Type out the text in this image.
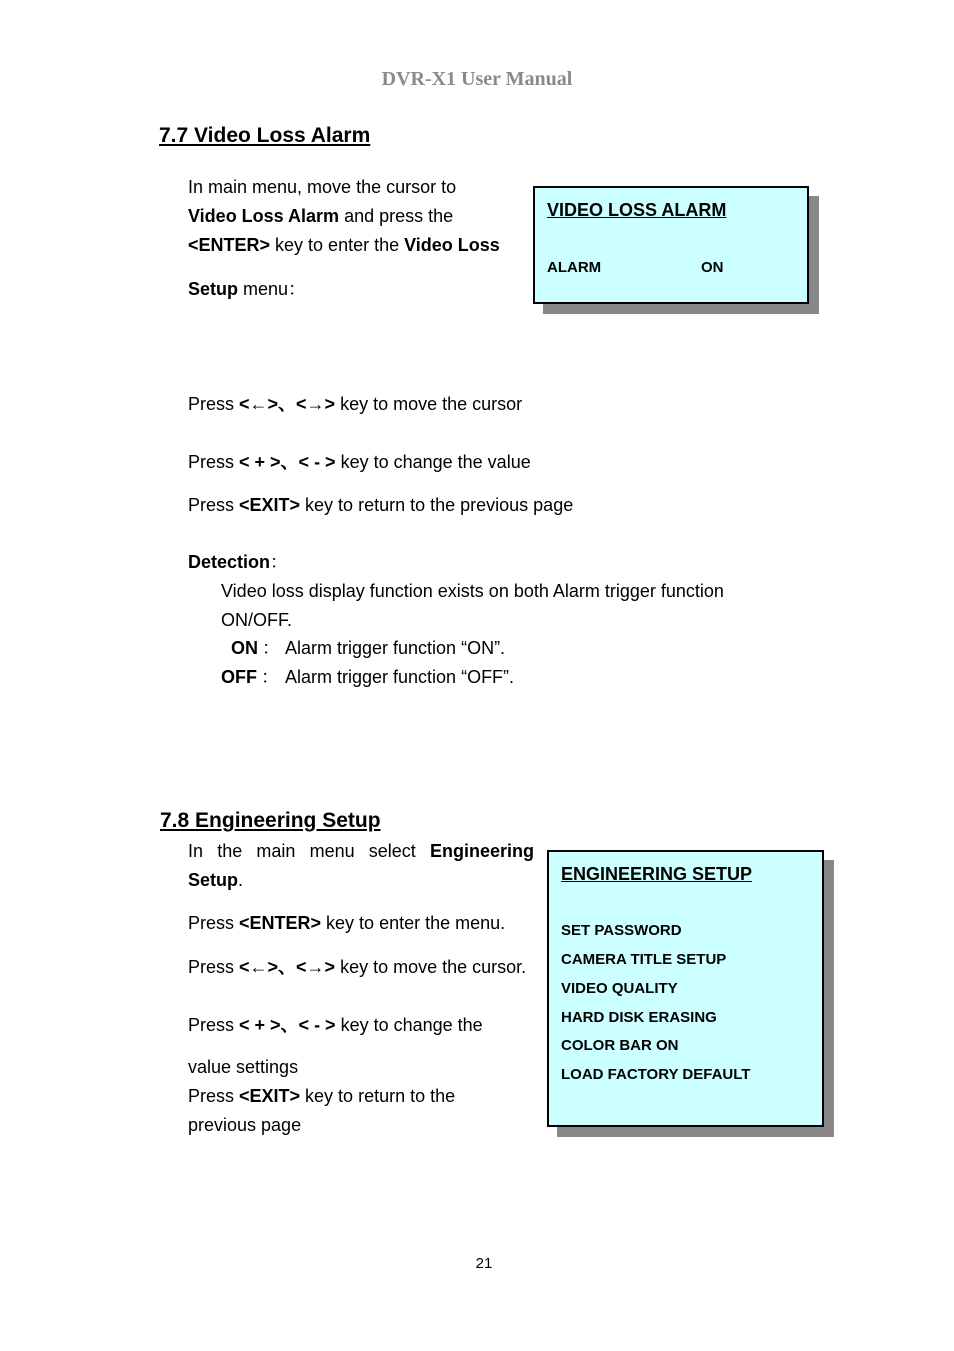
DVR-X1 User Manual
7.7 Video Loss Alarm
In main menu, move the cursor to
Video Loss Alarm and press the
<ENTER> key to enter the Video Loss
Setup menu：
VIDEO LOSS ALARM
ALARM	ON
Press <←>、<→> key to move the cursor
Press < + >、< - > key to change the value
Press <EXIT> key to return to the previous page
Detection：
Video loss display function exists on both Alarm trigger function
ON/OFF.
ON ： Alarm trigger function “ON”.
OFF ： Alarm trigger function “OFF”.
7.8 Engineering Setup
In the main menu select Engineering
Setup.
Press <ENTER> key to enter the menu.
Press <←>、<→> key to move the cursor.
Press < + >、< - > key to change the
value settings
Press <EXIT> key to return to the
previous page
ENGINEERING SETUP
SET PASSWORD
CAMERA TITLE SETUP
VIDEO QUALITY
HARD DISK ERASING
COLOR BAR ON
LOAD FACTORY DEFAULT
21
